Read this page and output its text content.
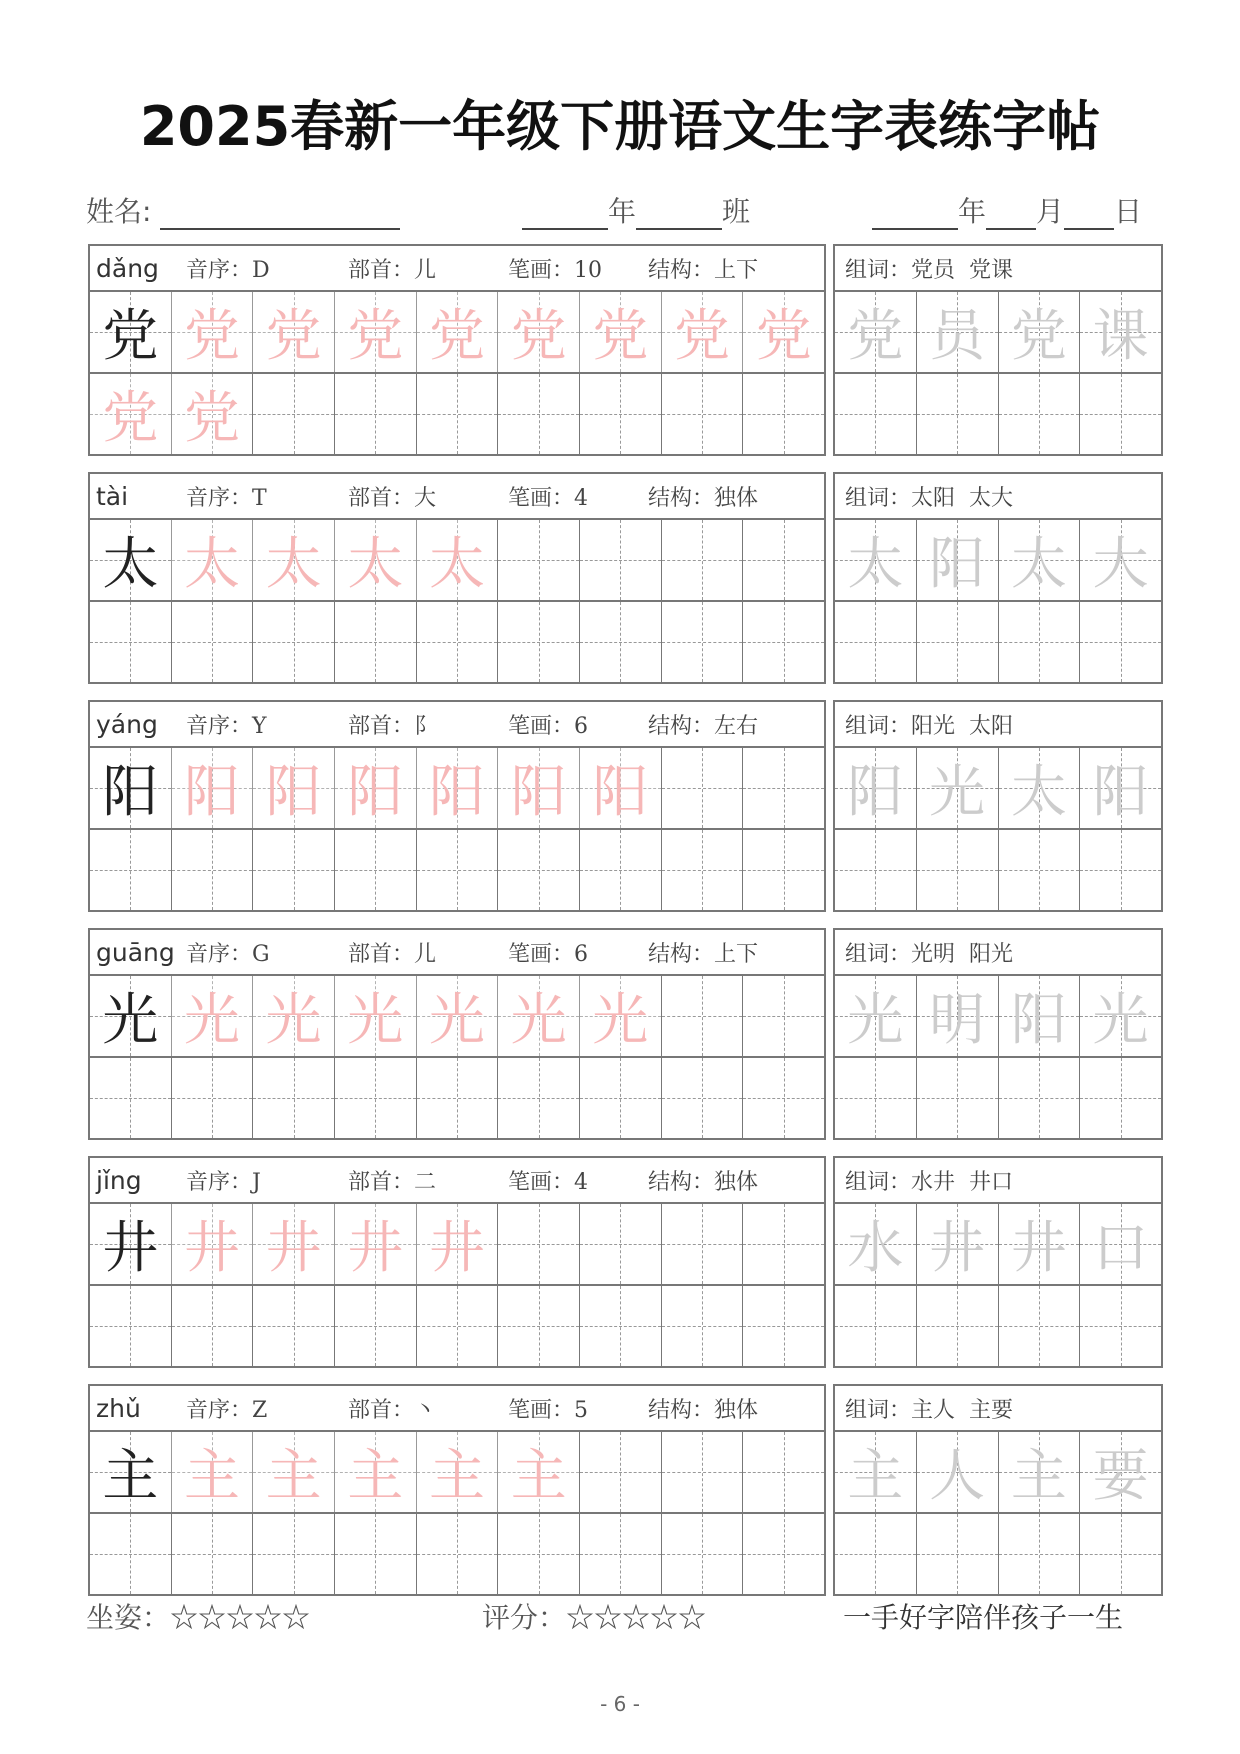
2025春新一年级下册语文生字表练字帖
姓名:	年	班	年 月 日
dǎng	音序：D	部首：儿	笔画：10	结构：上下
党 党 党 党 党 党 党 党 党
党 党
组词： 党员  党课
党 员 党 课
tài	音序：T	部首：大	笔画：4	结构：独体
太 太 太 太 太
组词： 太阳  太大
太 阳 太 大
yáng	音序：Y	部首：阝	笔画：6	结构：左右
阳 阳 阳 阳 阳 阳 阳
组词： 阳光  太阳
阳 光 太 阳
guāng 音序：G	部首：儿	笔画：6	结构：上下
光 光 光 光 光 光 光
组词： 光明  阳光
光 明 阳 光
jǐng	音序：J	部首：二	笔画：4	结构：独体
井 井 井 井 井
组词： 水井  井口
水 井 井 口
zhǔ	音序：Z	部首：丶	笔画：5	结构：独体
主 主 主 主 主 主
组词： 主人  主要
主 人 主 要
坐姿：☆☆☆☆☆	评分：☆☆☆☆☆	一手好字陪伴孩子一生
- 6 -
